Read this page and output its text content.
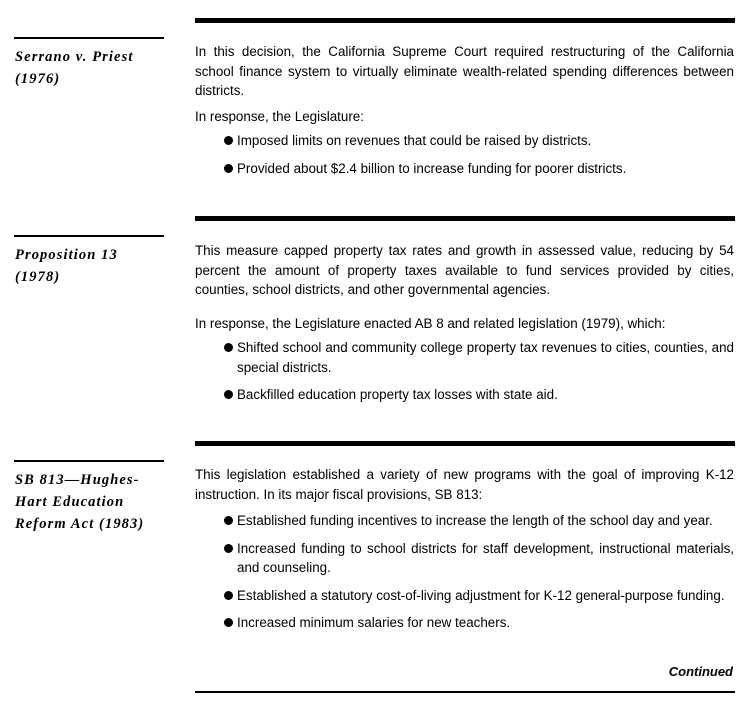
Serrano v. Priest
(1976)

In this decision, the California Supreme Court required restructuring of the California school finance system to virtually eliminate wealth-related spending differences between districts.

In response, the Legislature:

Imposed limits on revenues that could be raised by districts.
Provided about $2.4 billion to increase funding for poorer districts.
Proposition 13
(1978)

This measure capped property tax rates and growth in assessed value, reducing by 54 percent the amount of property taxes available to fund services provided by cities, counties, school districts, and other governmental agencies.

In response, the Legislature enacted AB 8 and related legislation (1979), which:

Shifted school and community college property tax revenues to cities, counties, and special districts.
Backfilled education property tax losses with state aid.
SB 813—Hughes-
Hart Education
Reform Act (1983)

This legislation established a variety of new programs with the goal of improving K-12 instruction. In its major fiscal provisions, SB 813:

Established funding incentives to increase the length of the school day and year.
Increased funding to school districts for staff development, instructional materials, and counseling.
Established a statutory cost-of-living adjustment for K-12 general-purpose funding.
Increased minimum salaries for new teachers.
Continued
